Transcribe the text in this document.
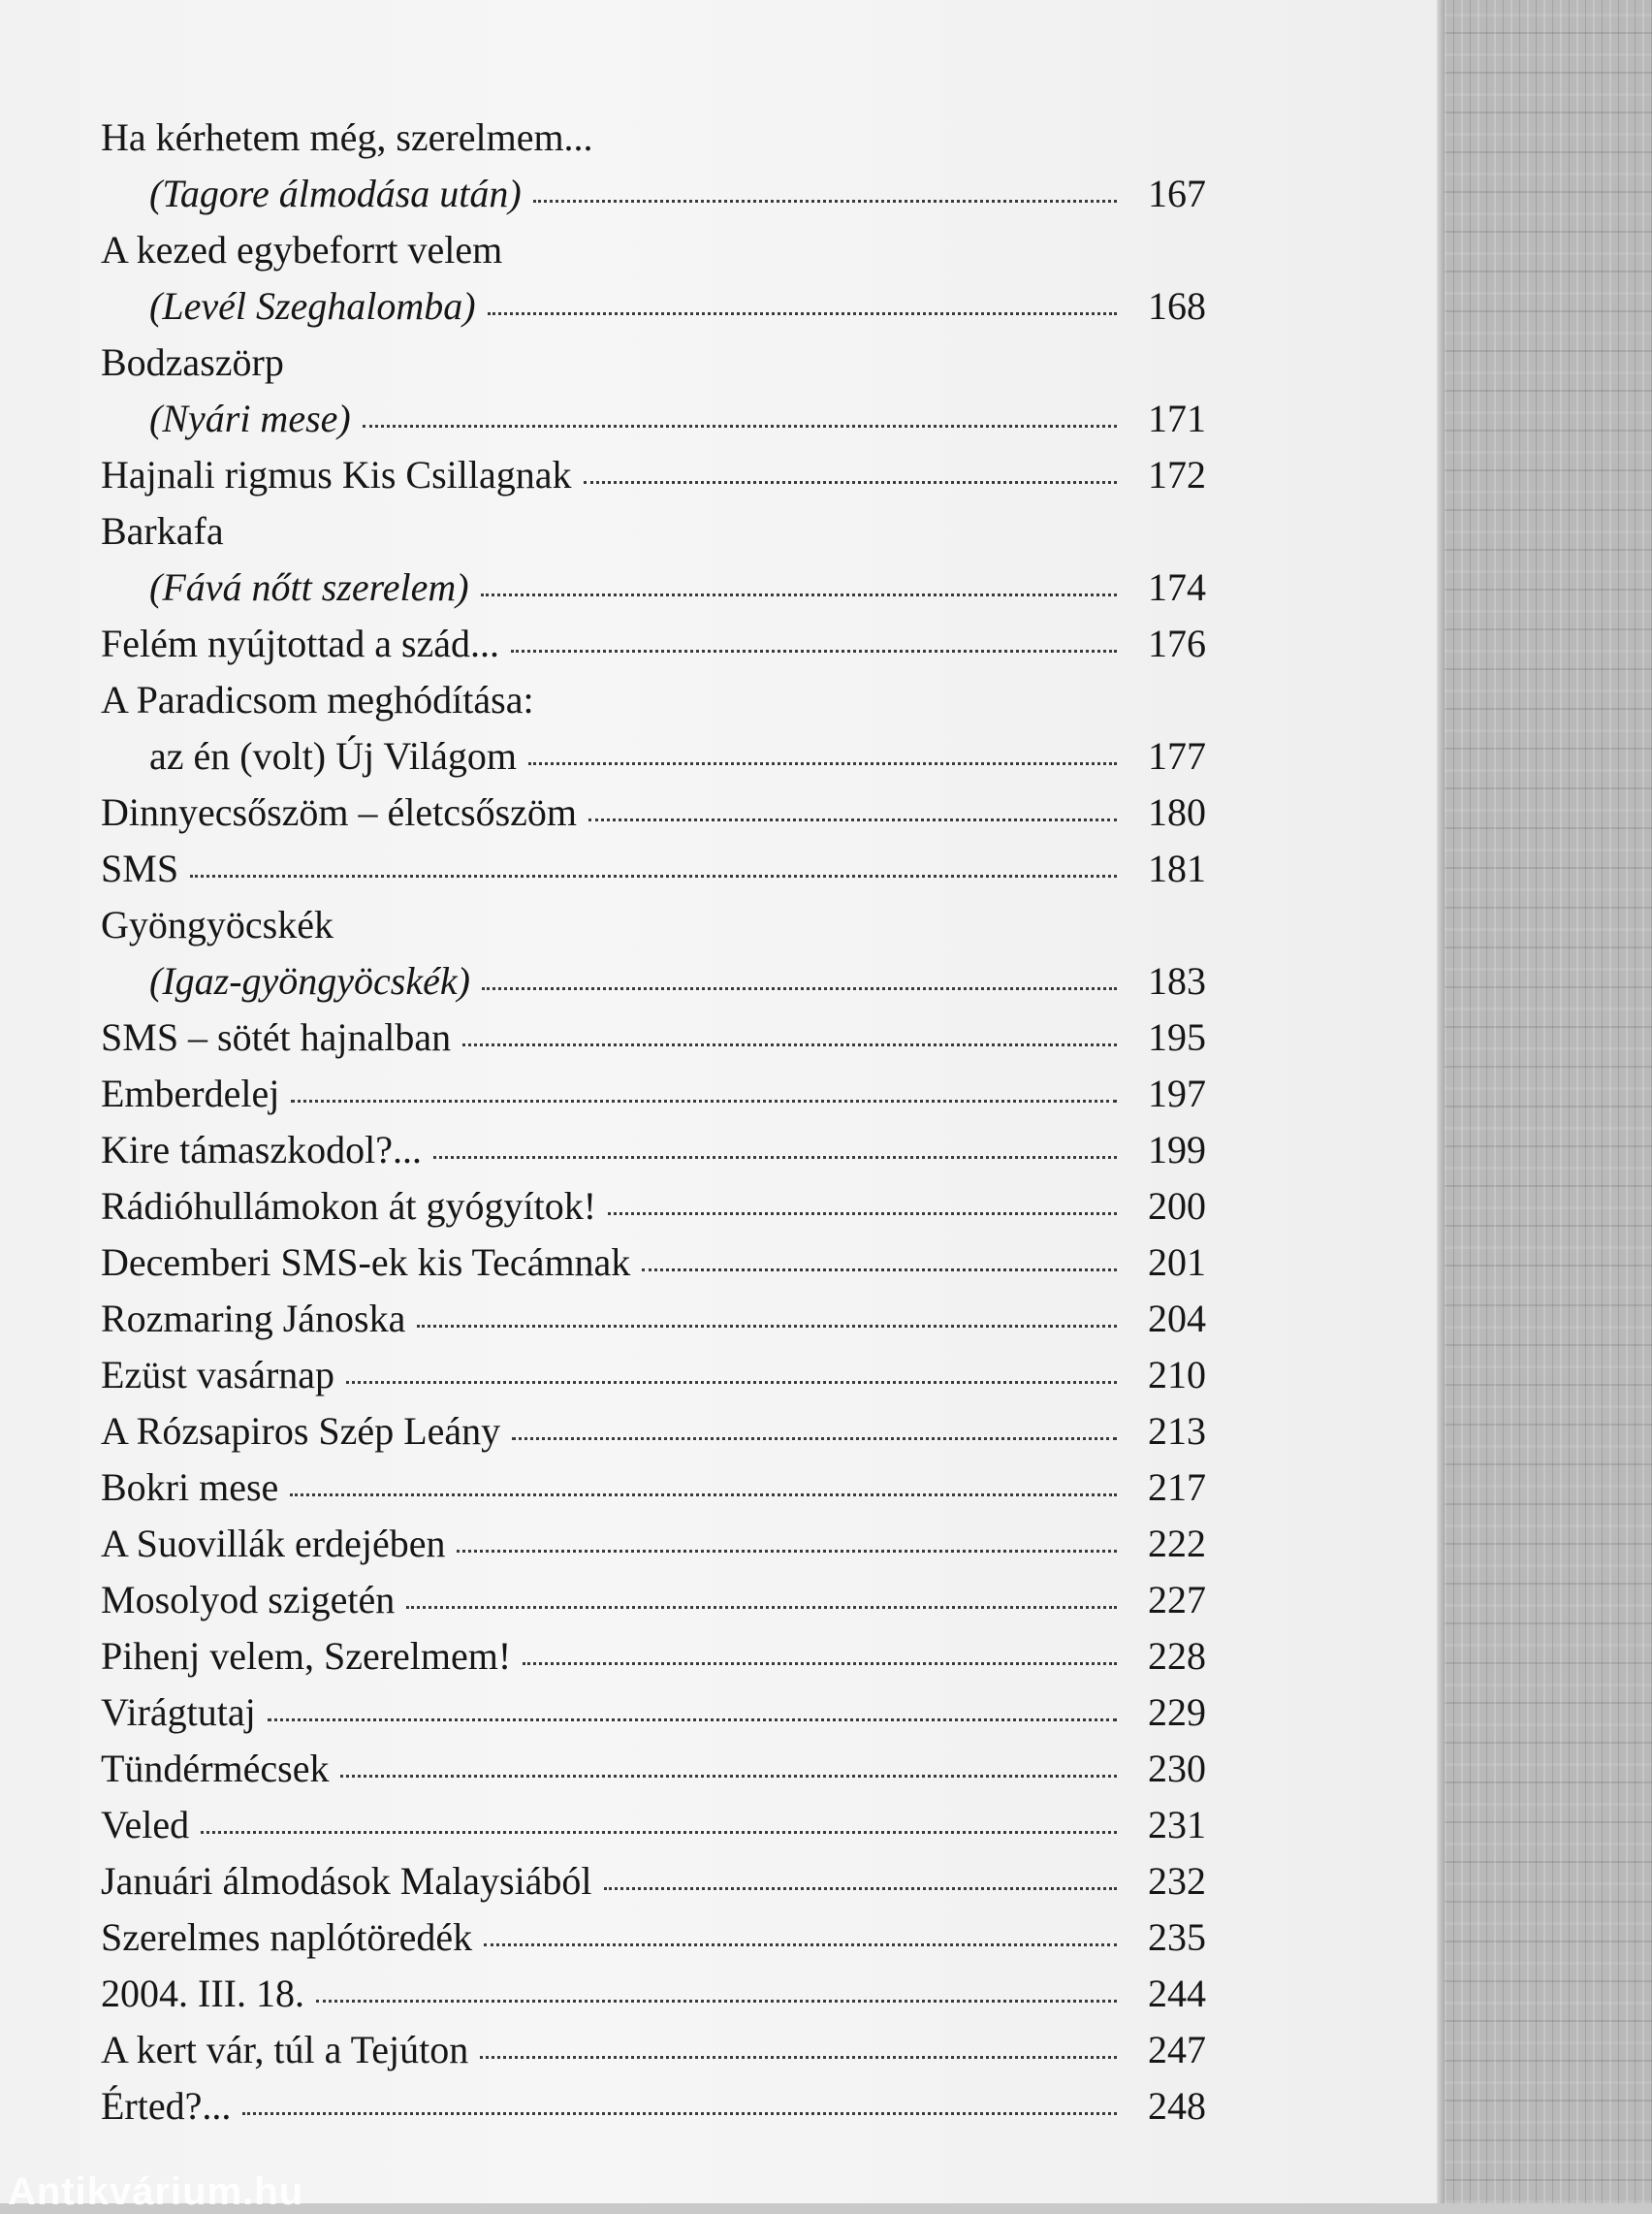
Ha kérhetem még, szerelmem...
(Tagore álmodása után)	167
A kezed egybeforrt velem
(Levél Szeghalomba)	168
Bodzaszörp
(Nyári mese)	171
Hajnali rigmus Kis Csillagnak	172
Barkafa
(Fává nőtt szerelem)	174
Felém nyújtottad a szád...	176
A Paradicsom meghódítása:
az én (volt) Új Világom	177
Dinnyecsőszöm – életcsőszöm	180
SMS	181
Gyöngyöcskék
(Igaz-gyöngyöcskék)	183
SMS – sötét hajnalban	195
Emberdelej	197
Kire támaszkodol?...	199
Rádióhullámokon át gyógyítok!	200
Decemberi SMS-ek kis Tecámnak	201
Rozmaring Jánoska	204
Ezüst vasárnap	210
A Rózsapiros Szép Leány	213
Bokri mese	217
A Suovillák erdejében	222
Mosolyod szigetén	227
Pihenj velem, Szerelmem!	228
Virágtutaj	229
Tündérmécsek	230
Veled	231
Januári álmodások Malaysiából	232
Szerelmes naplótöredék	235
2004. III. 18.	244
A kert vár, túl a Tejúton	247
Érted?...	248
Antikvárium.hu
